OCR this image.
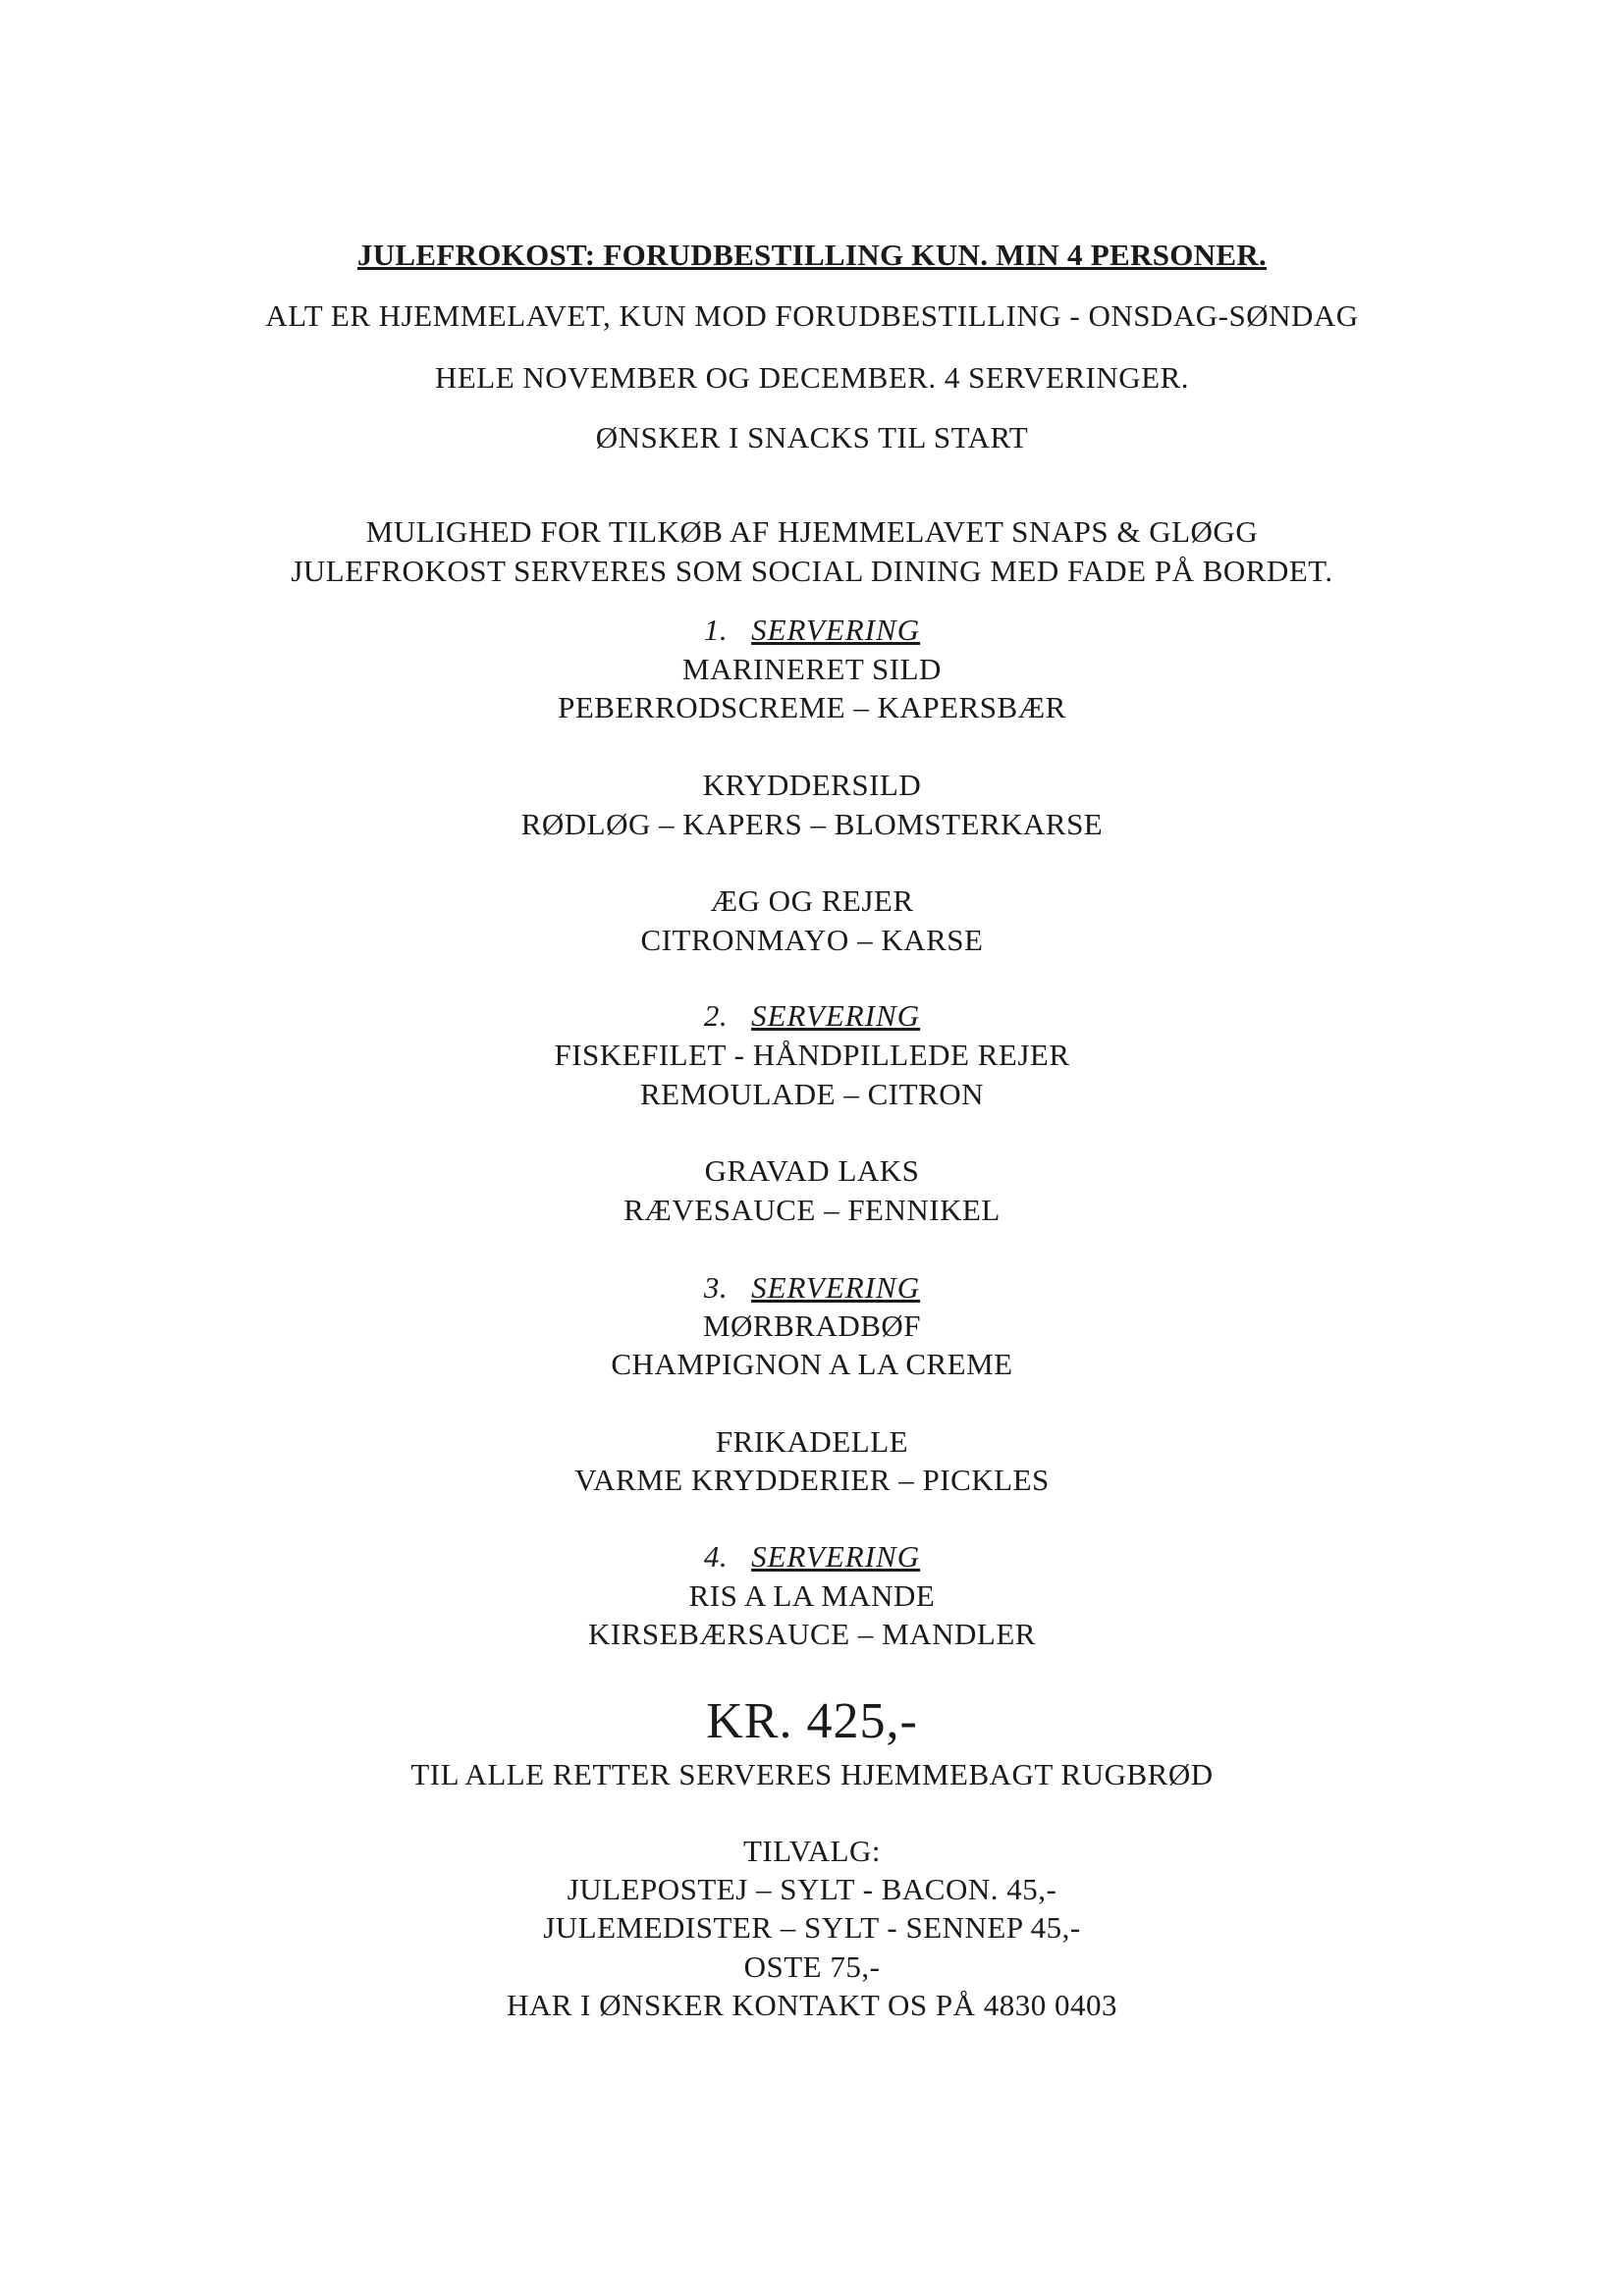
JULEFROKOST: FORUDBESTILLING KUN. MIN 4 PERSONER.
ALT ER HJEMMELAVET, KUN MOD FORUDBESTILLING - ONSDAG-SØNDAG
HELE NOVEMBER OG DECEMBER. 4 SERVERINGER.
ØNSKER I SNACKS TIL START
MULIGHED FOR TILKØB AF HJEMMELAVET SNAPS & GLØGG
JULEFROKOST SERVERES SOM SOCIAL DINING MED FADE PÅ BORDET.
1. SERVERING
MARINERET SILD
PEBERRODSCREME – KAPERSBÆR
KRYDDERSILD
RØDLØG – KAPERS – BLOMSTERKARSE
ÆG OG REJER
CITRONMAYO – KARSE
2. SERVERING
FISKEFILET - HÅNDPILLEDE REJER
REMOULADE – CITRON
GRAVAD LAKS
RÆVESAUCE – FENNIKEL
3. SERVERING
MØRBRADBØF
CHAMPIGNON A LA CREME
FRIKADELLE
VARME KRYDDERIER – PICKLES
4. SERVERING
RIS A LA MANDE
KIRSEBÆRSAUCE – MANDLER
KR. 425,-
TIL ALLE RETTER SERVERES HJEMMEBAGT RUGBRØD
TILVALG:
JULEPOSTEJ – SYLT - BACON. 45,-
JULEMEDISTER – SYLT - SENNEP 45,-
OSTE 75,-
HAR I ØNSKER KONTAKT OS PÅ 4830 0403
